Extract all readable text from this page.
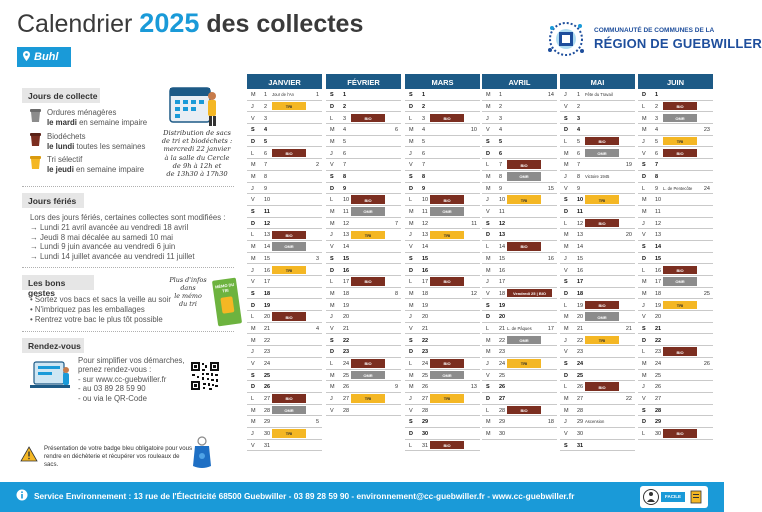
Calendrier 2025 des collectes	COMMUNAUTÉ DE COMMUNES DE LA
RÉGION DE GUEBWILLER
Buhl
Jours de collecte
Ordures ménagères
le mardi en semaine impaire
Biodéchets
le lundi toutes les semaines
Tri sélectif
le jeudi en semaine impaire
Distribution de sacs
de tri et biodéchets :
mercredi 22 janvier
à la salle du Cercle
de 9h à 12h et
de 13h30 à 17h30
Jours fériés
Lors des jours fériés, certaines collectes sont modifiées :
→ Lundi 21 avril avancée au vendredi 18 avril
→ Jeudi 8 mai décalée au samedi 10 mai
→ Lundi 9 juin avancée au vendredi 6 juin
→ Lundi 14 juillet avancée au vendredi 11 juillet
Les bons gestes
• Sortez vos bacs et sacs la veille au soir
• N'imbriquez pas les emballages
• Rentrez votre bac le plus tôt possible
Plus d'infos
dans
le mémo
du tri
MÉMO DU TRI
Rendez-vous
Pour simplifier vos démarches,
prenez rendez-vous :
- sur www.cc-guebwiller.fr
- au 03 89 28 59 90
- ou via le QR-Code
Présentation de votre badge bleu obligatoire pour vous
rendre en déchèterie et récupérer vos rouleaux de sacs.
JANVIER
M 1 Jour de l'An	1
J 2	TRI
V 3
S 4
D 5
L 6	BIO
M 7	2
M 8
J 9
V 10
S 11
D 12
L 13	BIO
M 14	OMR
M 15	3
J 16	TRI
V 17
S 18
D 19
L 20	BIO
M 21	4
M 22
J 23
V 24
S 25
D 26
L 27	BIO
M 28	OMR
M 29	5
J 30	TRI
V 31
FÉVRIER
S 1
D 2
L 3	BIO
M 4	6
M 5
J 6
V 7
S 8
D 9
L 10	BIO
M 11	OMR
M 12	7
J 13	TRI
V 14
S 15
D 16
L 17	BIO
M 18	8
M 19
J 20
V 21
S 22
D 23
L 24	BIO
M 25	OMR
M 26	9
J 27	TRI
V 28
MARS
S 1
D 2
L 3	BIO
M 4	10
M 5
J 6
V 7
S 8
D 9
L 10	BIO
M 11	OMR
M 12	11
J 13	TRI
V 14
S 15
D 16
L 17	BIO
M 18	12
M 19
J 20
V 21
S 22
D 23
L 24	BIO
M 25	OMR
M 26	13
J 27	TRI
V 28
S 29
D 30
L 31	BIO
AVRIL
M 1	14
M 2
J 3
V 4
S 5
D 6
L 7	BIO
M 8	OMR
M 9	15
J 10	TRI
V 11
S 12
D 13
L 14	BIO
M 15	16
M 16
J 17
V 18	Vendredi 25 | BIO
S 19
D 20
L 21 L. de Pâques	17
M 22	OMR
M 23
J 24	TRI
V 25
S 26
D 27
L 28	BIO
M 29	18
M 30
MAI
J 1 Fête du Travail
V 2
S 3
D 4
L 5	BIO
M 6	OMR
M 7	19
J 8 Victoire 1945
V 9
S 10	TRI
D 11
L 12	BIO
M 13	20
M 14
J 15
V 16
S 17
D 18
L 19	BIO
M 20	OMR
M 21	21
J 22	TRI
V 23
S 24
D 25
L 26	BIO
M 27	22
M 28
J 29 Ascension
V 30
S 31
JUIN
D 1
L 2	BIO
M 3	OMR
M 4	23
J 5	TRI
V 6	BIO
S 7
D 8
L 9 L. de Pentecôte 24
M 10
M 11
J 12
V 13
S 14
D 15
L 16	BIO
M 17	OMR
M 18	25
J 19	TRI
V 20
S 21
D 22
L 23	BIO
M 24	26
M 25
J 26
V 27
S 28
D 29
L 30	BIO
Service Environnement : 13 rue de l'Électricité 68500 Guebwiller - 03 89 28 59 90 - environnement@cc-guebwiller.fr - www.cc-guebwiller.fr	FACILE
